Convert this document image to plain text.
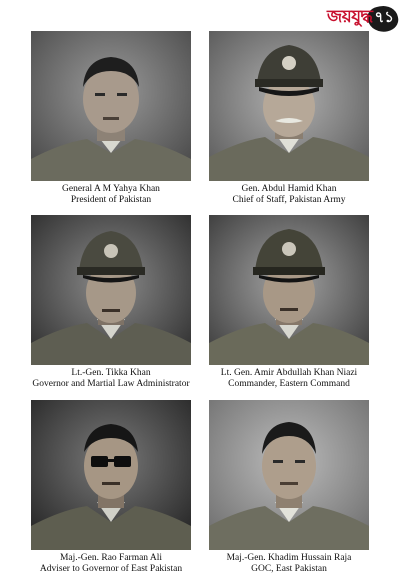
জয়যুদ্ধ ৭১
General A M Yahya Khan
President of Pakistan
Gen. Abdul Hamid Khan
Chief of Staff, Pakistan Army
Lt.-Gen. Tikka Khan
Governor and Martial Law Administrator
Lt. Gen. Amir Abdullah Khan Niazi
Commander, Eastern Command
Maj.-Gen. Rao Farman Ali
Adviser to Governor of East Pakistan
Maj.-Gen. Khadim Hussain Raja
GOC, East Pakistan
